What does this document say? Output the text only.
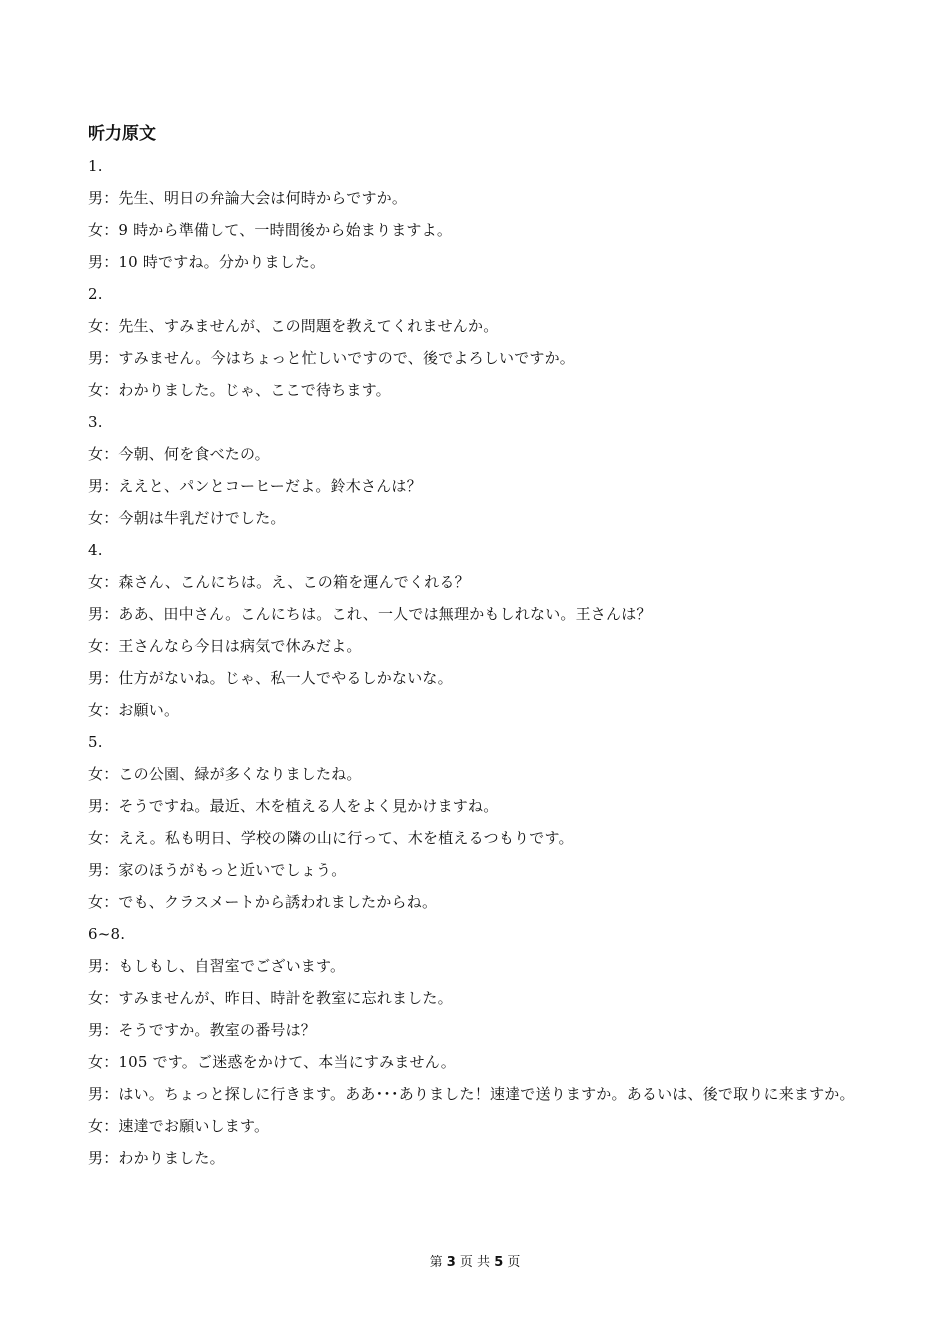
听力原文
1.
男：先生、明日の弁論大会は何時からですか。
女：9 時から準備して、一時間後から始まりますよ。
男：10 時ですね。分かりました。
2.
女：先生、すみませんが、この問題を教えてくれませんか。
男：すみません。今はちょっと忙しいですので、後でよろしいですか。
女：わかりました。じゃ、ここで待ちます。
3.
女：今朝、何を食べたの。
男：ええと、パンとコーヒーだよ。鈴木さんは？
女：今朝は牛乳だけでした。
4.
女：森さん、こんにちは。え、この箱を運んでくれる？
男：ああ、田中さん。こんにちは。これ、一人では無理かもしれない。王さんは？
女：王さんなら今日は病気で休みだよ。
男：仕方がないね。じゃ、私一人でやるしかないな。
女：お願い。
5.
女：この公園、緑が多くなりましたね。
男：そうですね。最近、木を植える人をよく見かけますね。
女：ええ。私も明日、学校の隣の山に行って、木を植えるつもりです。
男：家のほうがもっと近いでしょう。
女：でも、クラスメートから誘われましたからね。
6~8.
男：もしもし、自習室でございます。
女：すみませんが、昨日、時計を教室に忘れました。
男：そうですか。教室の番号は？
女：105 です。ご迷惑をかけて、本当にすみません。
男：はい。ちょっと探しに行きます。ああ･･･ありました！速達で送りますか。あるいは、後で取りに来ますか。
女：速達でお願いします。
男：わかりました。
第 3 页 共 5 页
